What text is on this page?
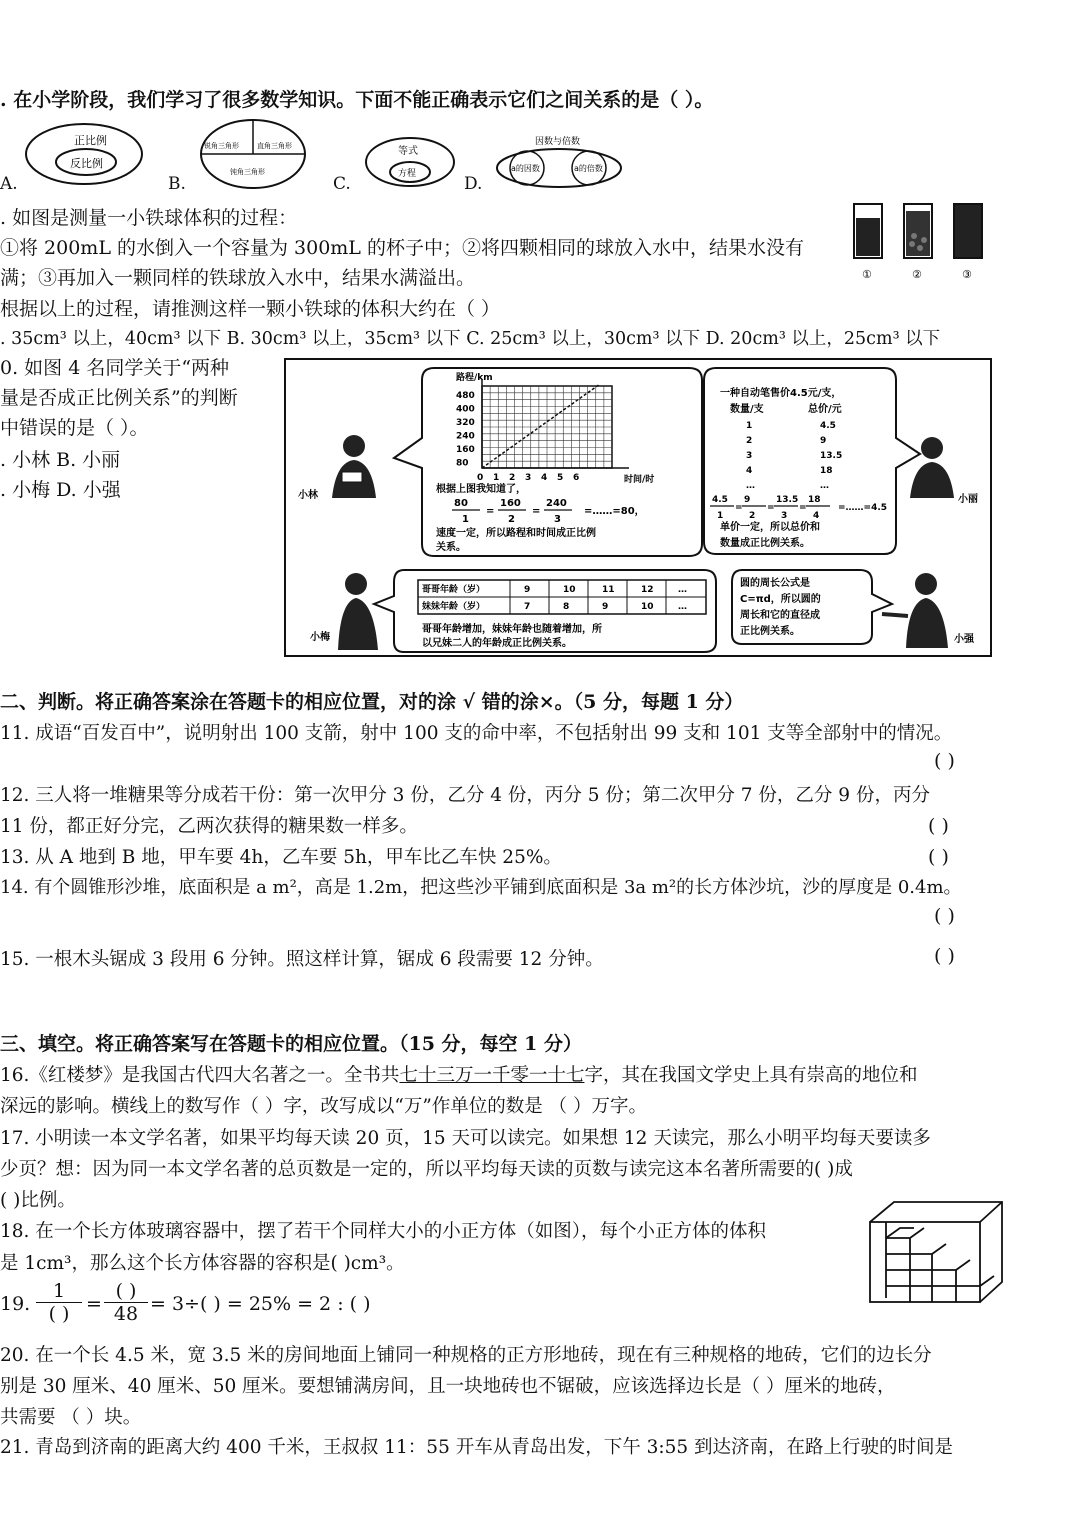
. 在小学阶段，我们学习了很多数学知识。下面不能正确表示它们之间关系的是（ ）。
正比例
反比例
锐角三角形	直角三角形
钝角三角形
等式
方程
因数与倍数
a的因数	a的倍数
A.	B.	C.	D.
. 如图是测量一小铁球体积的过程：
①将 200mL 的水倒入一个容量为 300mL 的杯子中；②将四颗相同的球放入水中，结果水没有
满；③再加入一颗同样的铁球放入水中，结果水满溢出。
根据以上的过程，请推测这样一颗小铁球的体积大约在（ ）
. 35cm³ 以上，40cm³ 以下 B. 30cm³ 以上，35cm³ 以下 C. 25cm³ 以上，30cm³ 以下 D. 20cm³ 以上，25cm³ 以下
①	②	③
0. 如图 4 名同学关于“两种
量是否成正比例关系”的判断
中错误的是（ ）。
. 小林 B. 小丽
. 小梅 D. 小强
路程/km
480
400
320
240
160
80
0 1 2 3 4 5 6	时间/时
根据上图我知道了，
80
1
=
160
2
=
240
3
=……=80，
速度一定，所以路程和时间成正比例
关系。
一种自动笔售价4.5元/支，
数量/支	总价/元
1	4.5
2	9
3	13.5
4	18
…	…
4.5
1
=
9
2
=
13.5
3
=
18
4
=……=4.5
单价一定，所以总价和
数量成正比例关系。
哥哥年龄（岁）	9	10	11	12	…
妹妹年龄（岁）	7	8	9	10	…
哥哥年龄增加，妹妹年龄也随着增加，所
以兄妹二人的年龄成正比例关系。
圆的周长公式是
C=πd，所以圆的
周长和它的直径成
正比例关系。
小林	小丽
小梅	小强
二、判断。将正确答案涂在答题卡的相应位置，对的涂 √ 错的涂×。（5 分，每题 1 分）
11. 成语“百发百中”，说明射出 100 支箭，射中 100 支的命中率，不包括射出 99 支和 101 支等全部射中的情况。
( )
12. 三人将一堆糖果等分成若干份：第一次甲分 3 份，乙分 4 份，丙分 5 份；第二次甲分 7 份，乙分 9 份，丙分
11 份，都正好分完，乙两次获得的糖果数一样多。	( )
13. 从 A 地到 B 地，甲车要 4h，乙车要 5h，甲车比乙车快 25%。	( )
14. 有个圆锥形沙堆，底面积是 a m²，高是 1.2m，把这些沙平铺到底面积是 3a m²的长方体沙坑，沙的厚度是 0.4m。
( )
15. 一根木头锯成 3 段用 6 分钟。照这样计算，锯成 6 段需要 12 分钟。	( )
三、填空。将正确答案写在答题卡的相应位置。（15 分，每空 1 分）
16.《红楼梦》是我国古代四大名著之一。全书共七十三万一千零一十七字，其在我国文学史上具有崇高的地位和
深远的影响。横线上的数写作（ ）字，改写成以“万”作单位的数是 （ ）万字。
17. 小明读一本文学名著，如果平均每天读 20 页，15 天可以读完。如果想 12 天读完，那么小明平均每天要读多
少页？想：因为同一本文学名著的总页数是一定的，所以平均每天读的页数与读完这本名著所需要的( )成
( )比例。
18. 在一个长方体玻璃容器中，摆了若干个同样大小的小正方体（如图），每个小正方体的体积
是 1cm³，那么这个长方体容器的容积是( )cm³。
19.
1
( ) =
( )
48 = 3÷( ) = 25% = 2 : ( )
20. 在一个长 4.5 米，宽 3.5 米的房间地面上铺同一种规格的正方形地砖，现在有三种规格的地砖，它们的边长分
别是 30 厘米、40 厘米、50 厘米。要想铺满房间，且一块地砖也不锯破，应该选择边长是（ ）厘米的地砖，
共需要 （ ）块。
21. 青岛到济南的距离大约 400 千米，王叔叔 11：55 开车从青岛出发，下午 3:55 到达济南，在路上行驶的时间是
